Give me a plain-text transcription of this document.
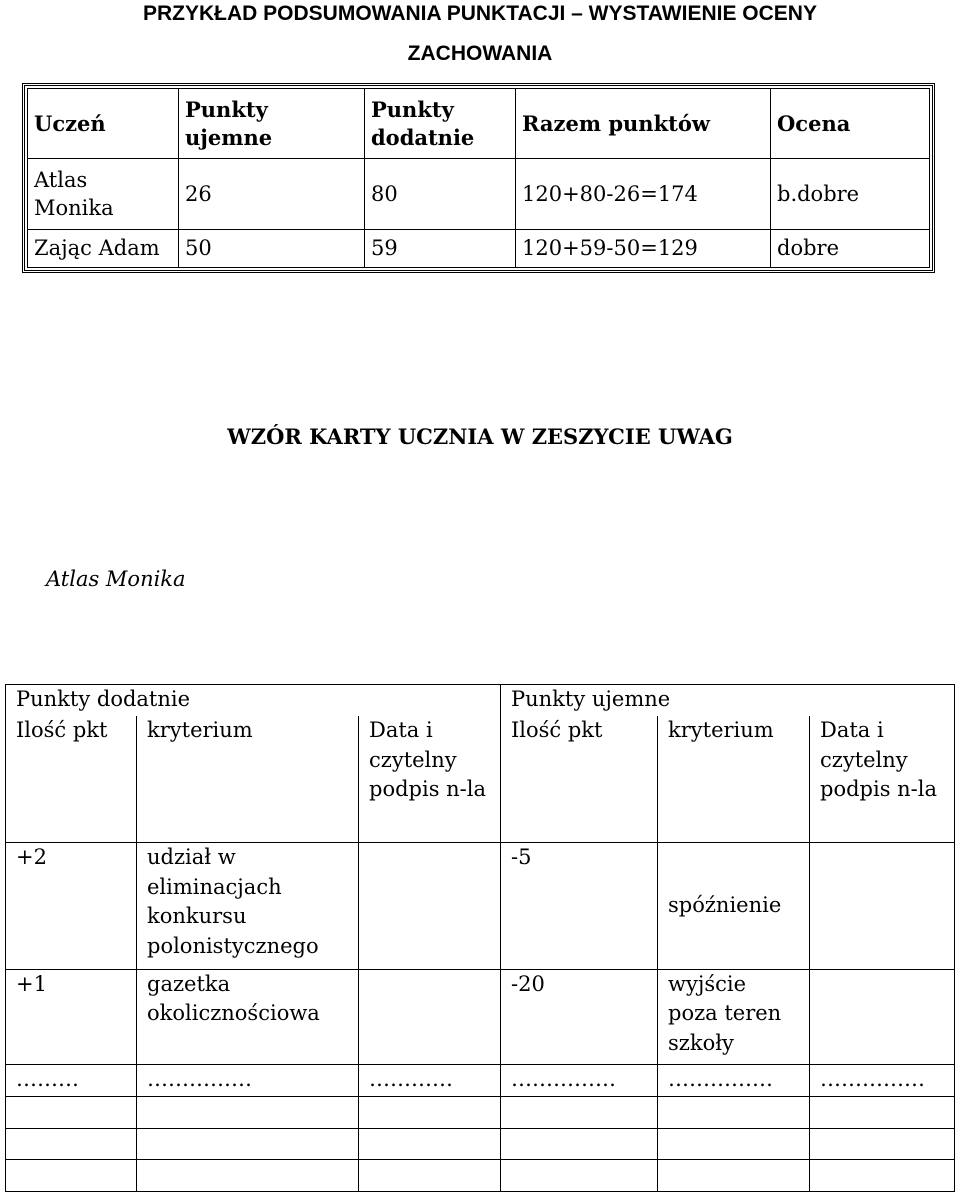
PRZYKŁAD PODSUMOWANIA PUNKTACJI – WYSTAWIENIE OCENY
ZACHOWANIA
Uczeń	Punkty ujemne	Punkty dodatnie	Razem punktów	Ocena
Atlas Monika	26	80	120+80-26=174	b.dobre
Zając Adam	50	59	120+59-50=129	dobre
WZÓR KARTY UCZNIA W ZESZYCIE UWAG
Atlas Monika
Punkty dodatnie			Punkty ujemne		
Ilość pkt	kryterium	Data i czytelny podpis n-la	Ilość pkt	kryterium	Data i czytelny podpis n-la
+2	udział w eliminacjach konkursu polonistycznego		-5	spóźnienie	
+1	gazetka okolicznościowa		-20	wyjście poza teren szkoły	
………	……………	…………	……………	……………	……………
